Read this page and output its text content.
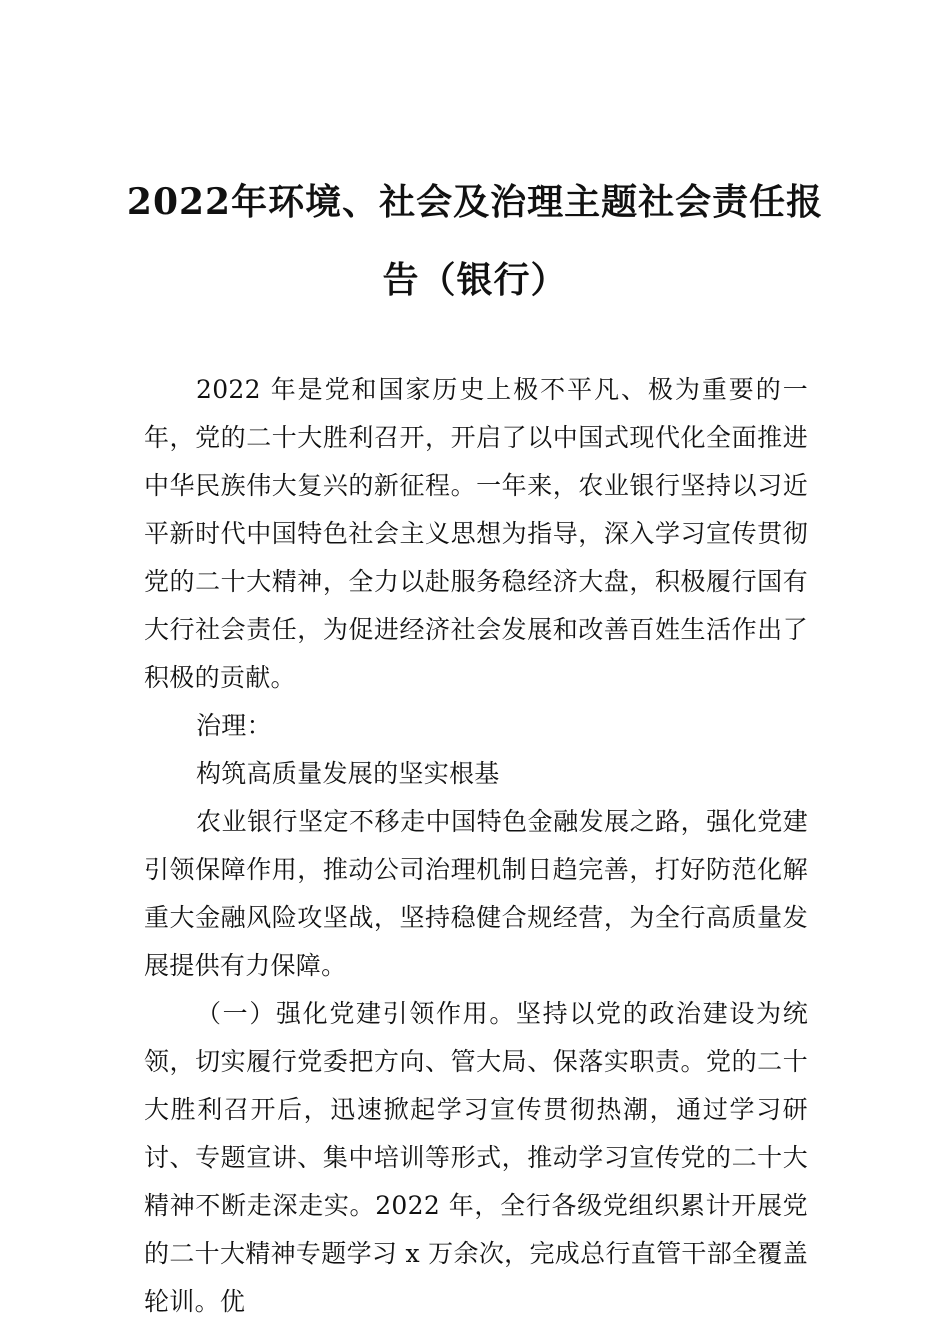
2022年环境、社会及治理主题社会责任报
告（银行）

2022 年是党和国家历史上极不平凡、极为重要的一年，党的二十大胜利召开，开启了以中国式现代化全面推进中华民族伟大复兴的新征程。一年来，农业银行坚持以习近平新时代中国特色社会主义思想为指导，深入学习宣传贯彻党的二十大精神，全力以赴服务稳经济大盘，积极履行国有大行社会责任，为促进经济社会发展和改善百姓生活作出了积极的贡献。

治理：

构筑高质量发展的坚实根基

农业银行坚定不移走中国特色金融发展之路，强化党建引领保障作用，推动公司治理机制日趋完善，打好防范化解重大金融风险攻坚战，坚持稳健合规经营，为全行高质量发展提供有力保障。

（一）强化党建引领作用。坚持以党的政治建设为统领，切实履行党委把方向、管大局、保落实职责。党的二十大胜利召开后，迅速掀起学习宣传贯彻热潮，通过学习研讨、专题宣讲、集中培训等形式，推动学习宣传党的二十大精神不断走深走实。2022 年，全行各级党组织累计开展党的二十大精神专题学习 x 万余次，完成总行直管干部全覆盖轮训。优
